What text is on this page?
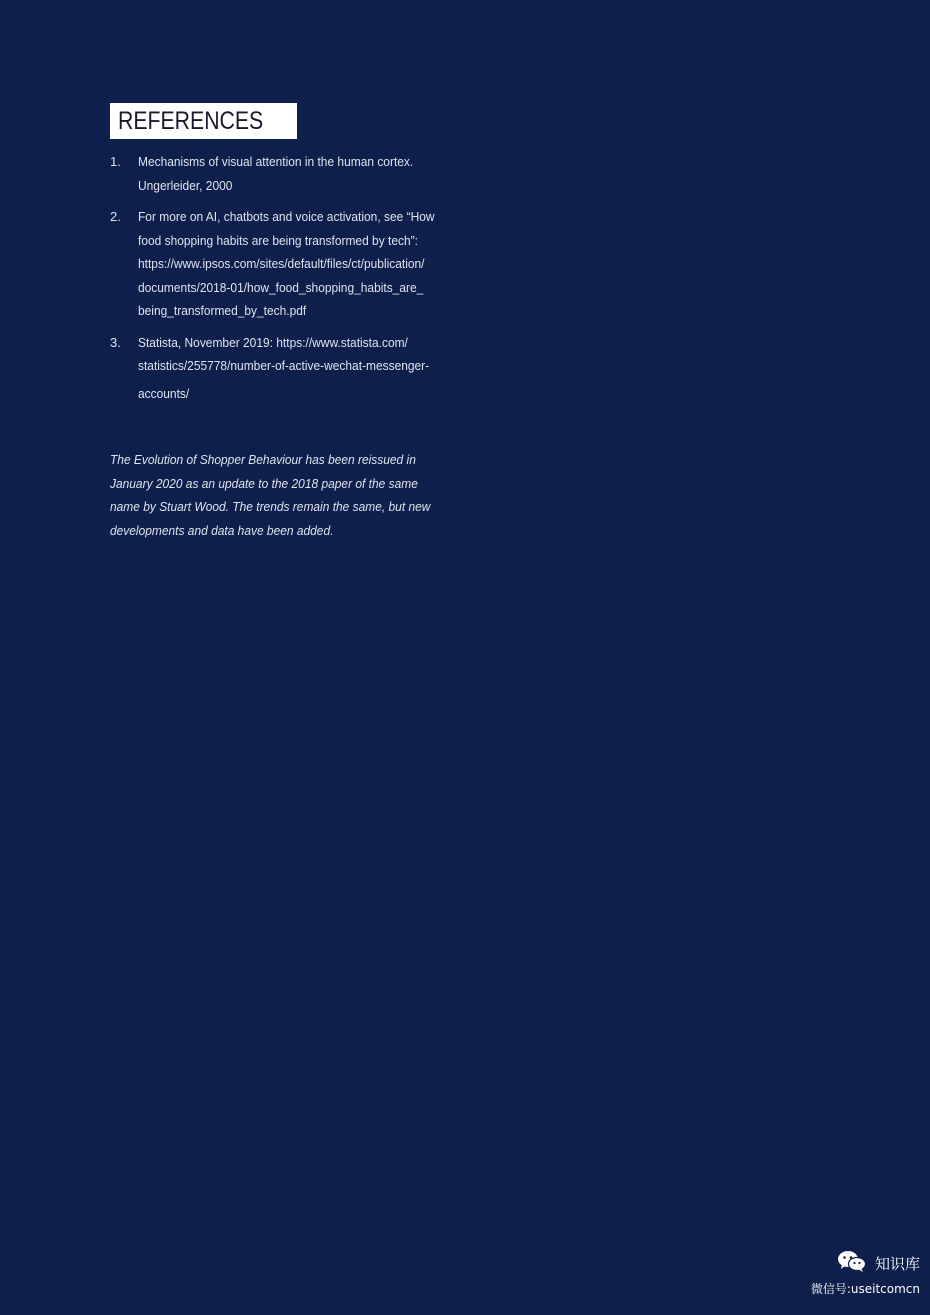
REFERENCES
1.	Mechanisms of visual attention in the human cortex.
Ungerleider, 2000
2.	For more on AI, chatbots and voice activation, see “How
food shopping habits are being transformed by tech”:
https://www.ipsos.com/sites/default/files/ct/publication/
documents/2018-01/how_food_shopping_habits_are_
being_transformed_by_tech.pdf
3.	Statista, November 2019: https://www.statista.com/
statistics/255778/number-of-active-wechat-messenger-
accounts/
The Evolution of Shopper Behaviour has been reissued in
January 2020 as an update to the 2018 paper of the same
name by Stuart Wood. The trends remain the same, but new
developments and data have been added.
知识库
微信号:useitcomcn
